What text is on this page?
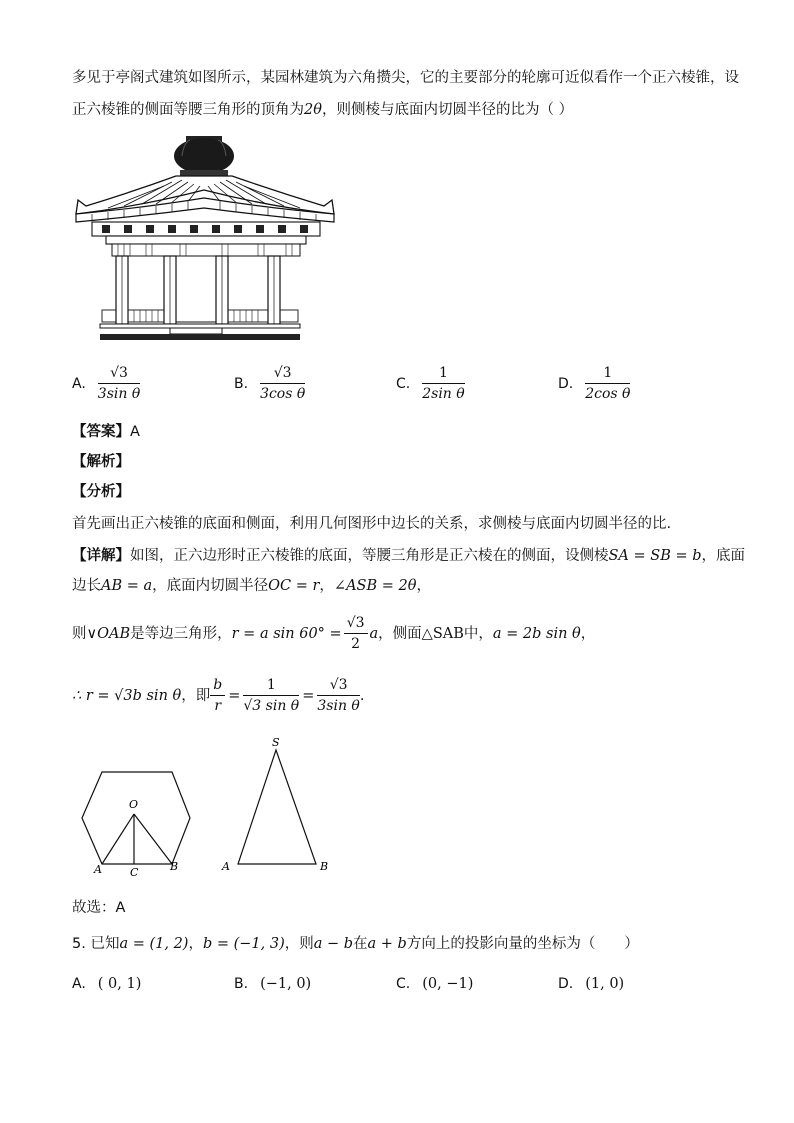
多见于亭阁式建筑如图所示，某园林建筑为六角攒尖，它的主要部分的轮廓可近似看作一个正六棱锥，设
正六棱锥的侧面等腰三角形的顶角为2θ，则侧棱与底面内切圆半径的比为（ ）
A. $\frac{√3}{\text{3sin θ}}$	B. $\frac{√3}{\text{3cos θ}}$	C. $\frac{1}{\text{2sin θ}}$	D. $\frac{1}{\text{2cos θ}}$
【答案】A
【解析】
【分析】
首先画出正六棱锥的底面和侧面，利用几何图形中边长的关系，求侧棱与底面内切圆半径的比.
【详解】如图，正六边形时正六棱锥的底面，等腰三角形是正六棱在的侧面，设侧棱SA = SB = b，底面
边长AB = a，底面内切圆半径OC = r，∠ASB = 2θ，
则 ∨OAB 是等边三角形， r = a $\sin 60^\circ = \frac{√3}{2}$ a ，侧面 △SAB 中， a = 2b sin θ ，
∴ r = √3b sin θ ，即 $\frac{b}{r} = \frac{1}{\text{√3 sin θ}} = \frac{√3}{\text{3sin θ}}$ .
O
A	C	B
S
A	B
故选：A
5. 已知a = (1, 2)，b = (−1, 3)，则a − b在a + b方向上的投影向量的坐标为（　　）
A. ( 0, 1)	B. (−1, 0)	C. (0, −1)	D. (1, 0)
